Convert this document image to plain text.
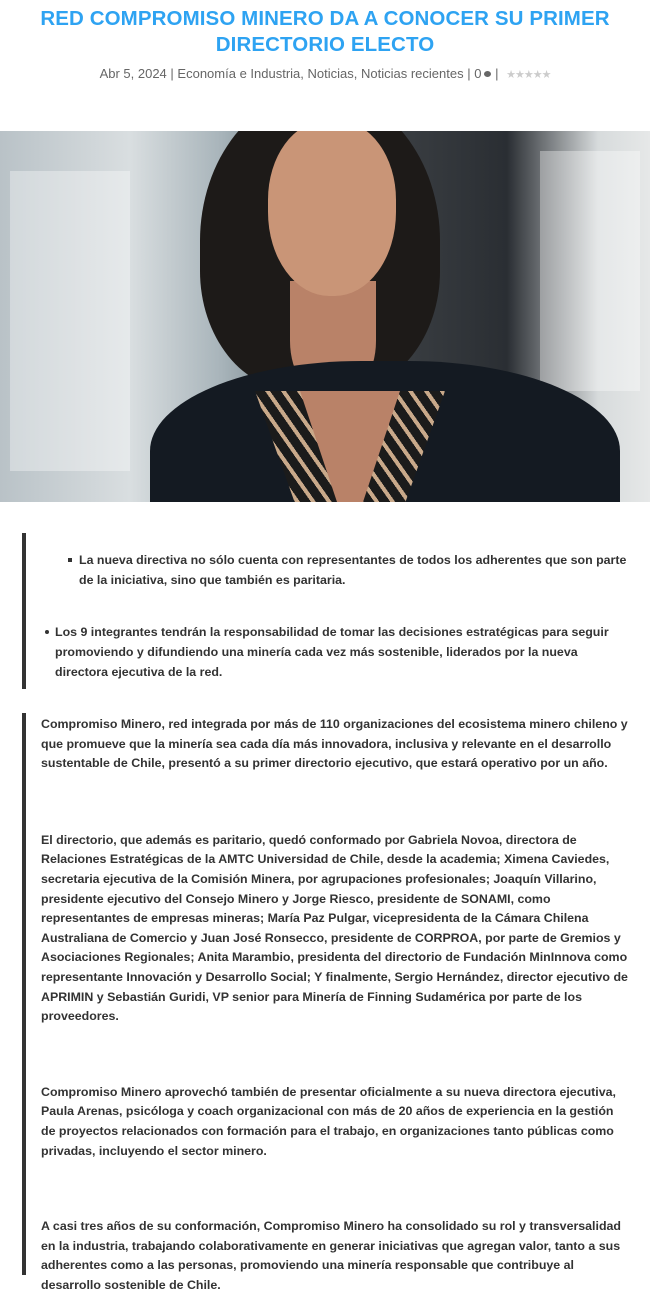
RED COMPROMISO MINERO DA A CONOCER SU PRIMER DIRECTORIO ELECTO
Abr 5, 2024 | Economía e Industria, Noticias, Noticias recientes | 0 | ★★★★★
La nueva directiva no sólo cuenta con representantes de todos los adherentes que son parte de la iniciativa, sino que también es paritaria.
Los 9 integrantes tendrán la responsabilidad de tomar las decisiones estratégicas para seguir promoviendo y difundiendo una minería cada vez más sostenible, liderados por la nueva directora ejecutiva de la red.

Compromiso Minero, red integrada por más de 110 organizaciones del ecosistema minero chileno y que promueve que la minería sea cada día más innovadora, inclusiva y relevante en el desarrollo sustentable de Chile, presentó a su primer directorio ejecutivo, que estará operativo por un año.

El directorio, que además es paritario, quedó conformado por Gabriela Novoa, directora de Relaciones Estratégicas de la AMTC Universidad de Chile, desde la academia; Ximena Caviedes, secretaria ejecutiva de la Comisión Minera, por agrupaciones profesionales; Joaquín Villarino, presidente ejecutivo del Consejo Minero y Jorge Riesco, presidente de SONAMI, como representantes de empresas mineras; María Paz Pulgar, vicepresidenta de la Cámara Chilena Australiana de Comercio y Juan José Ronsecco, presidente de CORPROA, por parte de Gremios y Asociaciones Regionales; Anita Marambio, presidenta del directorio de Fundación MinInnova como representante Innovación y Desarrollo Social; Y finalmente, Sergio Hernández, director ejecutivo de APRIMIN y Sebastián Guridi, VP senior para Minería de Finning Sudamérica por parte de los proveedores.

Compromiso Minero aprovechó también de presentar oficialmente a su nueva directora ejecutiva, Paula Arenas, psicóloga y coach organizacional con más de 20 años de experiencia en la gestión de proyectos relacionados con formación para el trabajo, en organizaciones tanto públicas como privadas, incluyendo el sector minero.

A casi tres años de su conformación, Compromiso Minero ha consolidado su rol y transversalidad en la industria, trabajando colaborativamente en generar iniciativas que agregan valor, tanto a sus adherentes como a las personas, promoviendo una minería responsable que contribuye al desarrollo sostenible de Chile.
